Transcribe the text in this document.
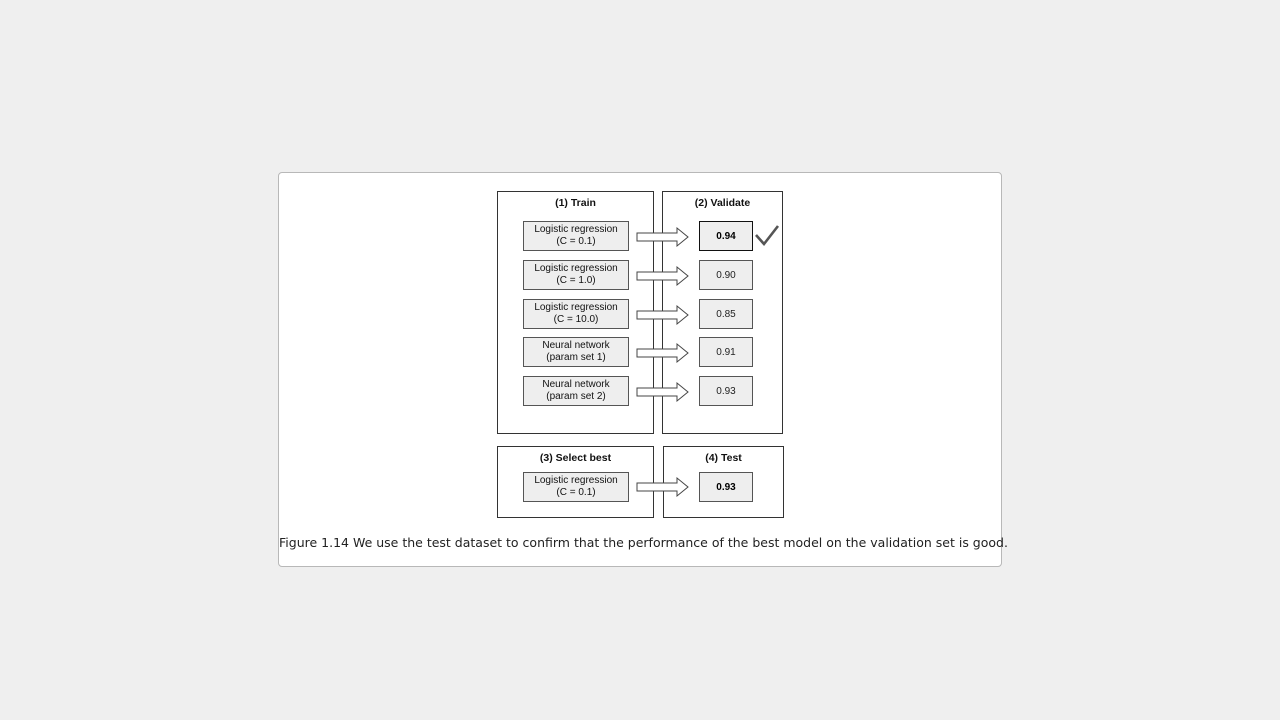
(1) Train	(2) Validate
(3) Select best	(4) Test
Logistic regression
(C = 0.1)	0.94
Logistic regression
(C = 1.0)	0.90
Logistic regression
(C = 10.0)	0.85
Neural network
(param set 1)	0.91
Neural network
(param set 2)	0.93
Logistic regression
(C = 0.1)	0.93
Figure 1.14 We use the test dataset to confirm that the performance of the best model on the validation set is good.
